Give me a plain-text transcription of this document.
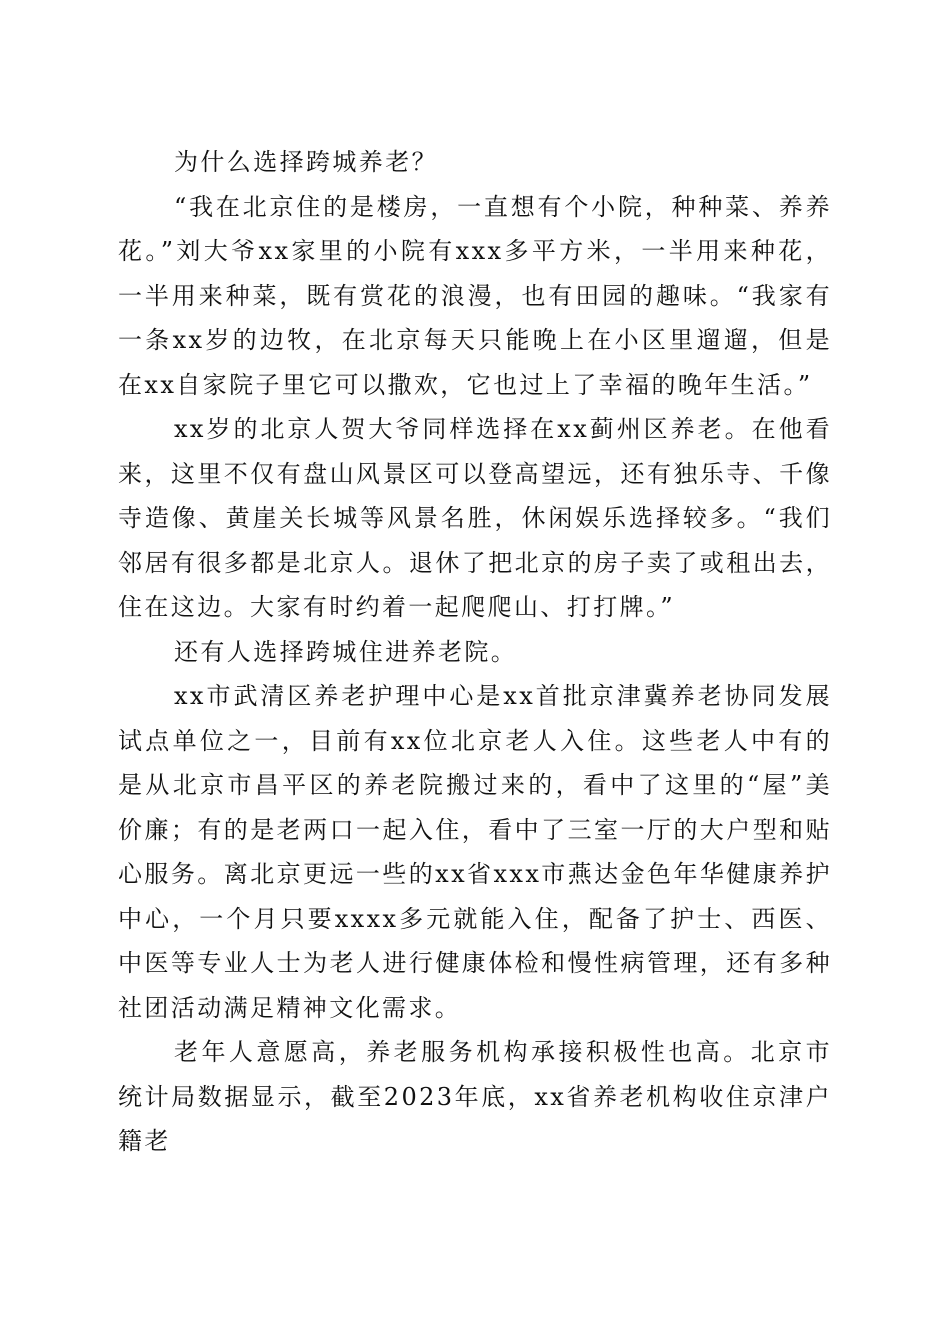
为什么选择跨城养老？

“我在北京住的是楼房，一直想有个小院，种种菜、养养花。”刘大爷xx家里的小院有xxx多平方米，一半用来种花，一半用来种菜，既有赏花的浪漫，也有田园的趣味。“我家有一条xx岁的边牧，在北京每天只能晚上在小区里遛遛，但是在xx自家院子里它可以撒欢，它也过上了幸福的晚年生活。”

xx岁的北京人贺大爷同样选择在xx蓟州区养老。在他看来，这里不仅有盘山风景区可以登高望远，还有独乐寺、千像寺造像、黄崖关长城等风景名胜，休闲娱乐选择较多。“我们邻居有很多都是北京人。退休了把北京的房子卖了或租出去，住在这边。大家有时约着一起爬爬山、打打牌。”

还有人选择跨城住进养老院。

xx市武清区养老护理中心是xx首批京津冀养老协同发展试点单位之一，目前有xx位北京老人入住。这些老人中有的是从北京市昌平区的养老院搬过来的，看中了这里的“屋”美价廉；有的是老两口一起入住，看中了三室一厅的大户型和贴心服务。离北京更远一些的xx省xxx市燕达金色年华健康养护中心，一个月只要xxxx多元就能入住，配备了护士、西医、中医等专业人士为老人进行健康体检和慢性病管理，还有多种社团活动满足精神文化需求。

老年人意愿高，养老服务机构承接积极性也高。北京市统计局数据显示，截至2023年底，xx省养老机构收住京津户籍老
